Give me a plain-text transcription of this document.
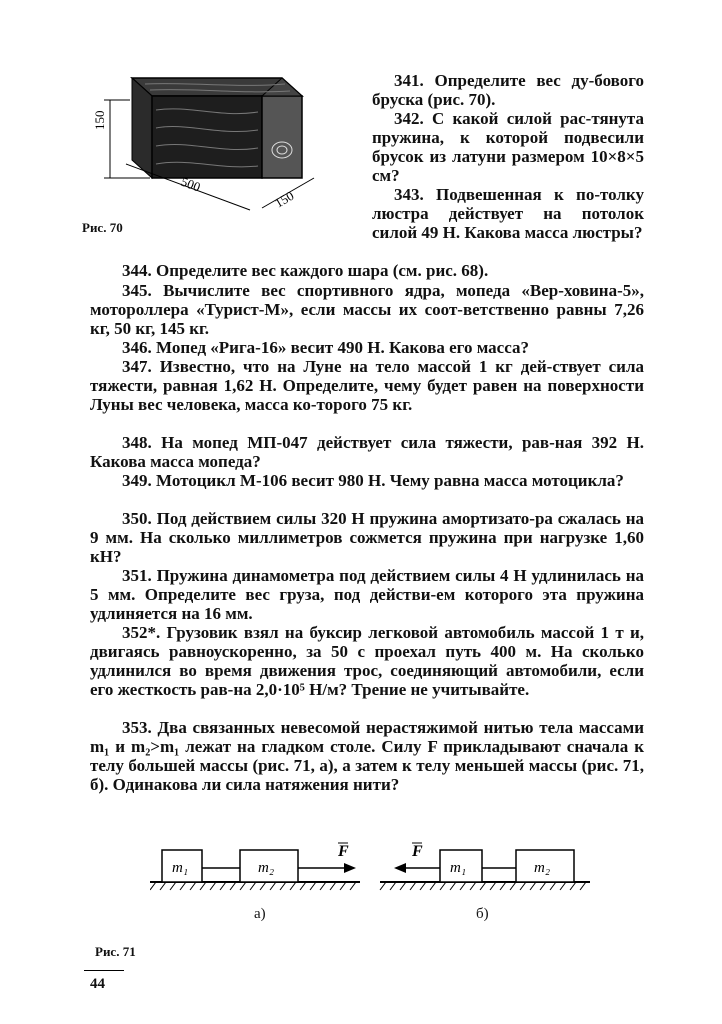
150
500
150
Рис. 70
341. Определите вес ду-бового бруска (рис. 70).
342. С какой силой рас-тянута пружина, к которой подвесили брусок из латуни размером 10×8×5 см?
343. Подвешенная к по-толку люстра действует на потолок силой 49 Н. Какова масса люстры?
344. Определите вес каждого шара (см. рис. 68).
345. Вычислите вес спортивного ядра, мопеда «Вер-ховина-5», мотороллера «Турист-М», если массы их соот-ветственно равны 7,26 кг, 50 кг, 145 кг.
346. Мопед «Рига-16» весит 490 Н. Какова его масса?
347. Известно, что на Луне на тело массой 1 кг дей-ствует сила тяжести, равная 1,62 Н. Определите, чему будет равен на поверхности Луны вес человека, масса ко-торого 75 кг.
348. На мопед МП-047 действует сила тяжести, рав-ная 392 Н. Какова масса мопеда?
349. Мотоцикл М-106 весит 980 Н. Чему равна масса мотоцикла?
350. Под действием силы 320 Н пружина амортизато-ра сжалась на 9 мм. На сколько миллиметров сожмется пружина при нагрузке 1,60 кН?
351. Пружина динамометра под действием силы 4 Н удлинилась на 5 мм. Определите вес груза, под действи-ем которого эта пружина удлиняется на 16 мм.
352*. Грузовик взял на буксир легковой автомобиль массой 1 т и, двигаясь равноускоренно, за 50 с проехал путь 400 м. На сколько удлинился во время движения трос, соединяющий автомобили, если его жесткость рав-на 2,0·10⁵ Н/м? Трение не учитывайте.
353. Два связанных невесомой нерастяжимой нитью тела массами m₁ и m₂>m₁ лежат на гладком столе. Силу F прикладывают сначала к телу большей массы (рис. 71, а), а затем к телу меньшей массы (рис. 71, б). Одинакова ли сила натяжения нити?
m₁	m₂
F
m₁	m₂
F
а)	б)
Рис. 71
44
